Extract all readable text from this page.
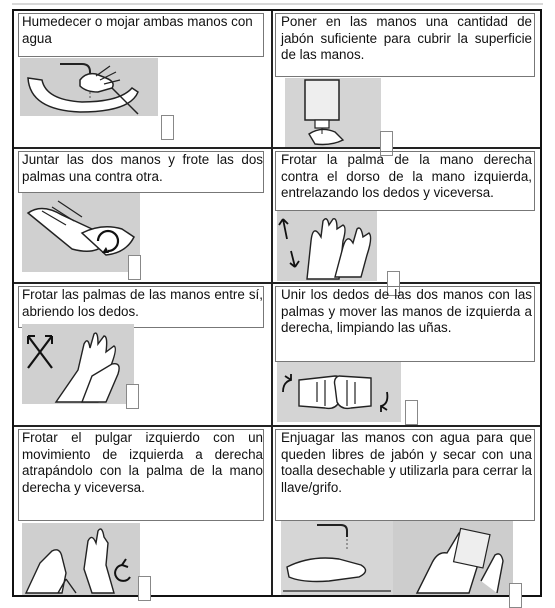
Humedecer o mojar ambas manos con agua

Poner en las manos una cantidad de jabón suficiente para cubrir la superficie de las manos.

Juntar las dos manos y frote las dos palmas una contra otra.

Frotar la palma de la mano derecha contra el dorso de la mano izquierda, entrelazando los dedos y viceversa.

Frotar las palmas de las manos entre sí, abriendo los dedos.

Unir los dedos de las dos manos con las palmas y mover las manos de izquierda a derecha, limpiando las uñas.

Frotar el pulgar izquierdo con un movimiento de izquierda a derecha atrapándolo con la palma de la mano derecha y viceversa.

Enjuagar las manos con agua para que queden libres de jabón y secar con una toalla desechable y utilizarla para cerrar la llave/grifo.
